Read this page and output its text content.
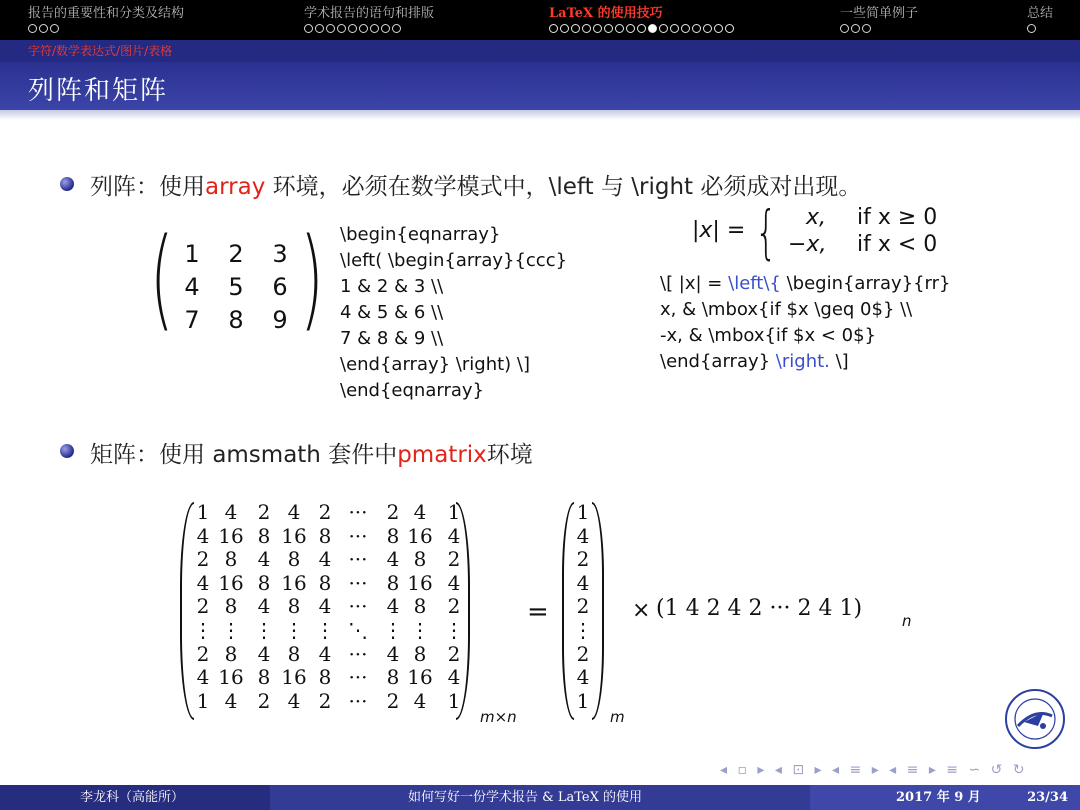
报告的重要性和分类及结构	学术报告的语句和排版	LaTeX 的使用技巧	一些简单例子	总结
字符/数学表达式/图片/表格
列阵和矩阵
列阵：使用array 环境，必须在数学模式中，\left 与 \right 必须成对出现。
( )
1	2	3
4	5	6
7	8	9
\begin{eqnarray}
\left( \begin{array}{ccc}
1 & 2 & 3 \\
4 & 5 & 6 \\
7 & 8 & 9 \\
\end{array} \right) \]
\end{eqnarray}
|x| = { x, if x ≥ 0
−x, if x < 0
\[ |x| = \left\{ \begin{array}{rr}
x, & \mbox{if $x \geq 0$} \\
-x, & \mbox{if $x < 0$}
\end{array} \right. \]
矩阵：使用 amsmath 套件中pmatrix环境
1 4	2 4 2 ··· 2 4	1
4 16 8 16 8 ··· 8 16 4
2 8	4 8 4 ··· 4 8	2
4 16 8 16 8 ··· 8 16 4
2 8	4 8 4 ··· 4 8	2
⋮ ⋮ ⋮ ⋮ ⋮ ⋱ ⋮ ⋮ ⋮
2 8	4 8 4 ··· 4 8	2
4 16 8 16 8 ··· 8 16 4
1 4	2 4 2 ··· 2 4	1
m×n
=
1
4
2
4
2
⋮
2
4
1
m
× (1 4 2 4 2 ··· 2 4 1)	n
◂ ▫ ▸ ◂ ⊡ ▸ ◂ ≡ ▸ ◂ ≡ ▸ ≡ ∽ ↺ ↻
李龙科（高能所）	如何写好一份学术报告 & LaTeX 的使用	2017 年 9 月	23/34
